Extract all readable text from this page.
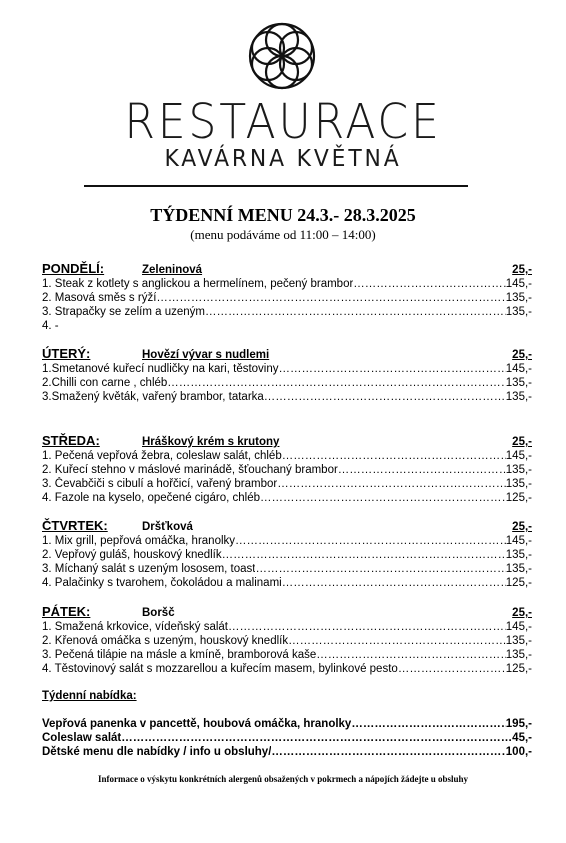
RESTAURACE
KAVÁRNA KVĚTNÁ
TÝDENNÍ MENU 24.3.- 28.3.2025
(menu podáváme od 11:00 – 14:00)
PONDĚLÍ:	Zeleninová	25,-
1. Steak z kotlety s anglickou a hermelínem, pečený brambor ……………………………………………………………………………………………………………………………………	145,-
2. Masová směs s rýží ……………………………………………………………………………………………………………………………………	135,-
3. Strapačky se zelím a uzeným ……………………………………………………………………………………………………………………………………	135,-
4. -
ÚTERÝ:	Hovězí vývar s nudlemi	25,-
1.Smetanové kuřecí nudličky na kari, těstoviny ……………………………………………………………………………………………………………………………………	145,-
2.Chilli con carne , chléb ……………………………………………………………………………………………………………………………………	135,-
3.Smažený květák, vařený brambor, tatarka ……………………………………………………………………………………………………………………………………	135,-
STŘEDA:	Hráškový krém s krutony	25,-
1. Pečená vepřová žebra, coleslaw salát, chléb ……………………………………………………………………………………………………………………………………	145,-
2. Kuřecí stehno v máslové marinádě, šťouchaný brambor ……………………………………………………………………………………………………………………………………	135,-
3. Čevabčiči s cibulí a hořčicí, vařený brambor ……………………………………………………………………………………………………………………………………	135,-
4. Fazole na kyselo, opečené cigáro, chléb ……………………………………………………………………………………………………………………………………	125,-
ČTVRTEK:	Dršťková	25,-
1. Mix grill, pepřová omáčka, hranolky ……………………………………………………………………………………………………………………………………	145,-
2. Vepřový guláš, houskový knedlík ……………………………………………………………………………………………………………………………………	135,-
3. Míchaný salát s uzeným lososem, toast ……………………………………………………………………………………………………………………………………	135,-
4. Palačinky s tvarohem, čokoládou a malinami ……………………………………………………………………………………………………………………………………	125,-
PÁTEK:	Boršč	25,-
1. Smažená krkovice, vídeňský salát ……………………………………………………………………………………………………………………………………	145,-
2. Křenová omáčka s uzeným, houskový knedlík ……………………………………………………………………………………………………………………………………	135,-
3. Pečená tilápie na másle a kmíně, bramborová kaše ……………………………………………………………………………………………………………………………………	135,-
4. Těstovinový salát s mozzarellou a kuřecím masem, bylinkové pesto ……………………………………………………………………………………………………………………………………	125,-
Týdenní nabídka:
Vepřová panenka v pancettě, houbová omáčka, hranolky ……………………………………………………………………………………………………………………………………	195,-
Coleslaw salát ……………………………………………………………………………………………………………………………………	45,-
Dětské menu dle nabídky / info u obsluhy/ ……………………………………………………………………………………………………………………………………	100,-
Informace o výskytu konkrétních alergenů obsažených v pokrmech a nápojích žádejte u obsluhy
